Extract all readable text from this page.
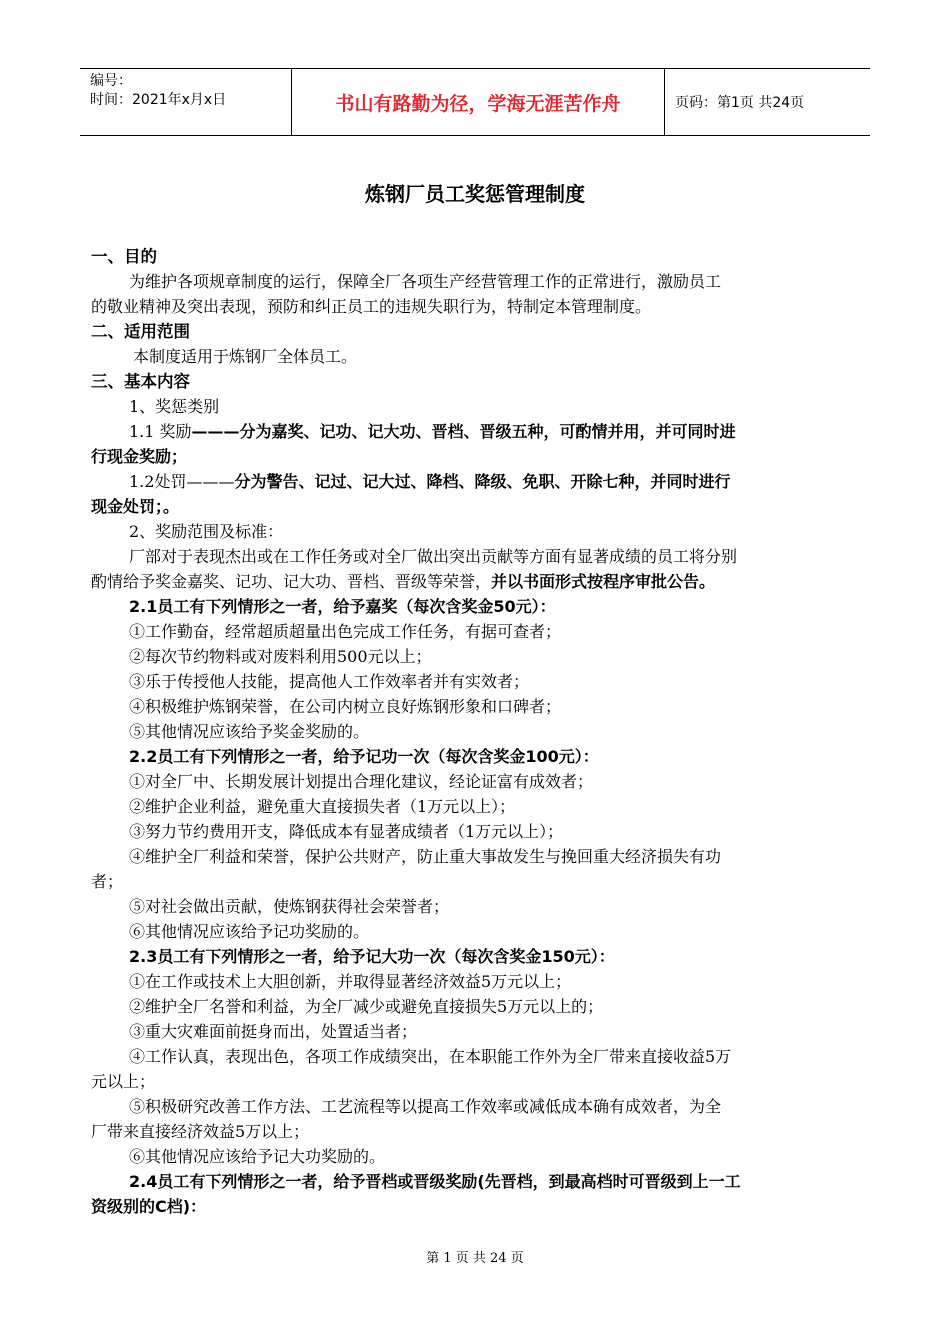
编号：
时间：2021年x月x日	书山有路勤为径，学海无涯苦作舟	页码：第1页 共24页
炼钢厂员工奖惩管理制度

一、目的

为维护各项规章制度的运行，保障全厂各项生产经营管理工作的正常进行，激励员工

的敬业精神及突出表现，预防和纠正员工的违规失职行为，特制定本管理制度。

二、适用范围

本制度适用于炼钢厂全体员工。

三、基本内容

1、奖惩类别

1.1 奖励———分为嘉奖、记功、记大功、晋档、晋级五种，可酌情并用，并可同时进

行现金奖励；

1.2处罚———分为警告、记过、记大过、降档、降级、免职、开除七种，并同时进行

现金处罚；。

2、奖励范围及标准：

厂部对于表现杰出或在工作任务或对全厂做出突出贡献等方面有显著成绩的员工将分别

酌情给予奖金嘉奖、记功、记大功、晋档、晋级等荣誉，并以书面形式按程序审批公告。

2.1员工有下列情形之一者，给予嘉奖（每次含奖金50元）：

①工作勤奋，经常超质超量出色完成工作任务，有据可查者；

②每次节约物料或对废料利用500元以上；

③乐于传授他人技能，提高他人工作效率者并有实效者；

④积极维护炼钢荣誉，在公司内树立良好炼钢形象和口碑者；

⑤其他情况应该给予奖金奖励的。

2.2员工有下列情形之一者，给予记功一次（每次含奖金100元）：

①对全厂中、长期发展计划提出合理化建议，经论证富有成效者；

②维护企业利益，避免重大直接损失者（1万元以上）；

③努力节约费用开支，降低成本有显著成绩者（1万元以上）；

④维护全厂利益和荣誉，保护公共财产，防止重大事故发生与挽回重大经济损失有功

者；

⑤对社会做出贡献，使炼钢获得社会荣誉者；

⑥其他情况应该给予记功奖励的。

2.3员工有下列情形之一者，给予记大功一次（每次含奖金150元）：

①在工作或技术上大胆创新，并取得显著经济效益5万元以上；

②维护全厂名誉和利益，为全厂减少或避免直接损失5万元以上的；

③重大灾难面前挺身而出，处置适当者；

④工作认真，表现出色，各项工作成绩突出，在本职能工作外为全厂带来直接收益5万

元以上；

⑤积极研究改善工作方法、工艺流程等以提高工作效率或减低成本确有成效者，为全

厂带来直接经济效益5万以上；

⑥其他情况应该给予记大功奖励的。

2.4员工有下列情形之一者，给予晋档或晋级奖励(先晋档，到最高档时可晋级到上一工

资级别的C档)：

第 1 页 共 24 页
